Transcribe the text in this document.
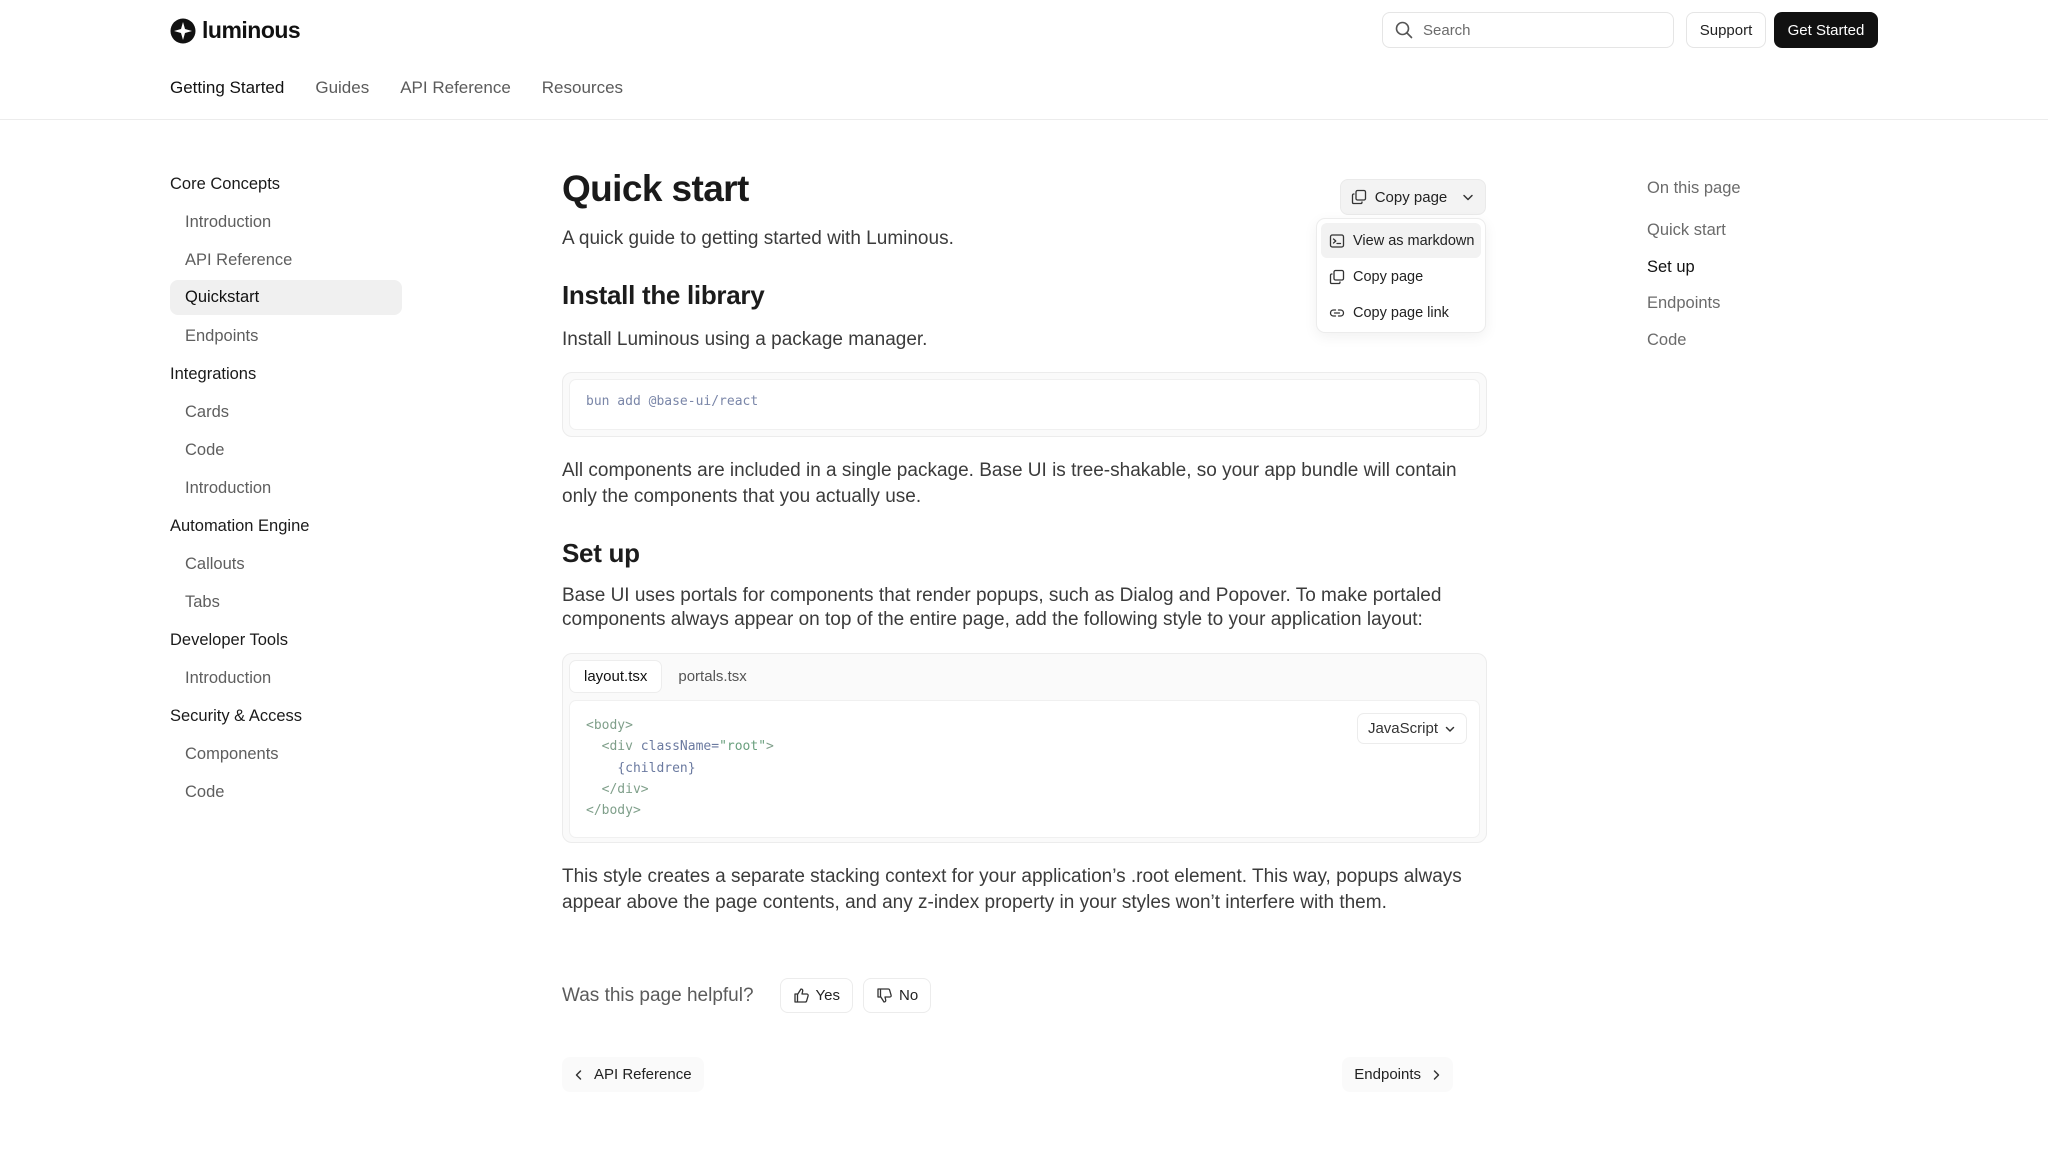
luminous
Search	Support	Get Started
Getting Started Guides API Reference Resources
Core Concepts
Introduction
API Reference
Quickstart
Endpoints
Integrations
Cards
Code
Introduction
Automation Engine
Callouts
Tabs
Developer Tools
Introduction
Security & Access
Components
Code
Quick start

A quick guide to getting started with Luminous.

Install the library

Install Luminous using a package manager.

bun add @base-ui/react

All components are included in a single package. Base UI is tree-shakable, so your app bundle will contain only the components that you actually use.

Set up

Base UI uses portals for components that render popups, such as Dialog and Popover. To make portaled components always appear on top of the entire page, add the following style to your application layout:

layout.tsx	portals.tsx
<body>
<div className="root">
{children}
</div>
</body>
JavaScript

This style creates a separate stacking context for your application’s .root element. This way, popups always appear above the page contents, and any z-index property in your styles won’t interfere with them.

Was this page helpful?	Yes	No
API Reference	Endpoints
Copy page
View as markdown
Copy page
Copy page link
On this page
Quick start
Set up
Endpoints
Code
